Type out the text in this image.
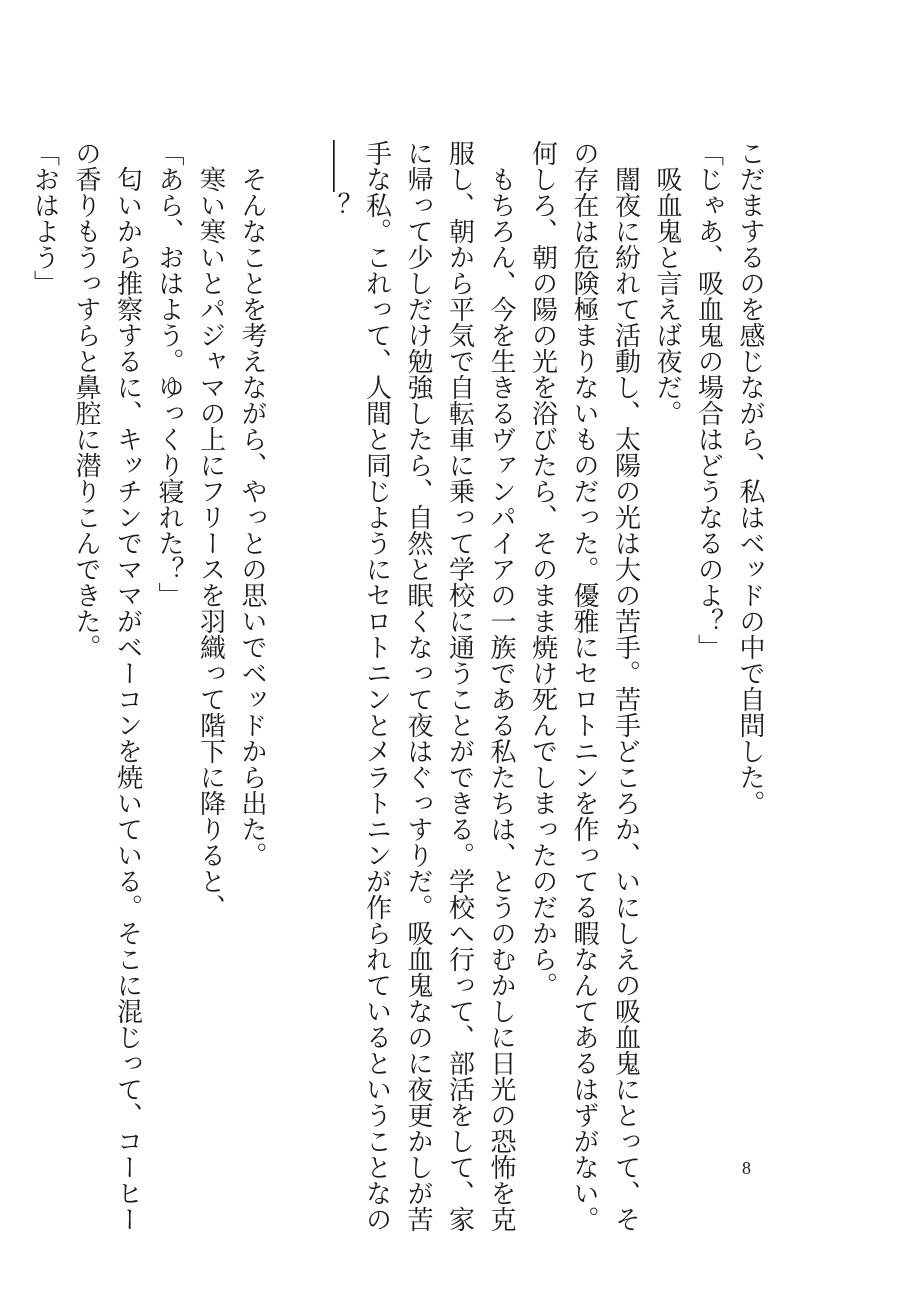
こだまするのを感じながら、私はベッドの中で自問した。
「じゃあ、吸血鬼の場合はどうなるのよ？」
　吸血鬼と言えば夜だ。
　闇夜に紛れて活動し、太陽の光は大の苦手。苦手どころか、いにしえの吸血鬼にとって、そ
の存在は危険極まりないものだった。優雅にセロトニンを作ってる暇なんてあるはずがない。
何しろ、朝の陽の光を浴びたら、そのまま焼け死んでしまったのだから。
　もちろん、今を生きるヴァンパイアの一族である私たちは、とうのむかしに日光の恐怖を克
服し、朝から平気で自転車に乗って学校に通うことができる。学校へ行って、部活をして、家
に帰って少しだけ勉強したら、自然と眠くなって夜はぐっすりだ。吸血鬼なのに夜更かしが苦
手な私。これって、人間と同じようにセロトニンとメラトニンが作られているということなの
――？
　そんなことを考えながら、やっとの思いでベッドから出た。
　寒い寒いとパジャマの上にフリースを羽織って階下に降りると、
「あら、おはよう。ゆっくり寝れた？」
　匂いから推察するに、キッチンでママがベーコンを焼いている。そこに混じって、コーヒー
の香りもうっすらと鼻腔に潜りこんできた。
「おはよう」
8
